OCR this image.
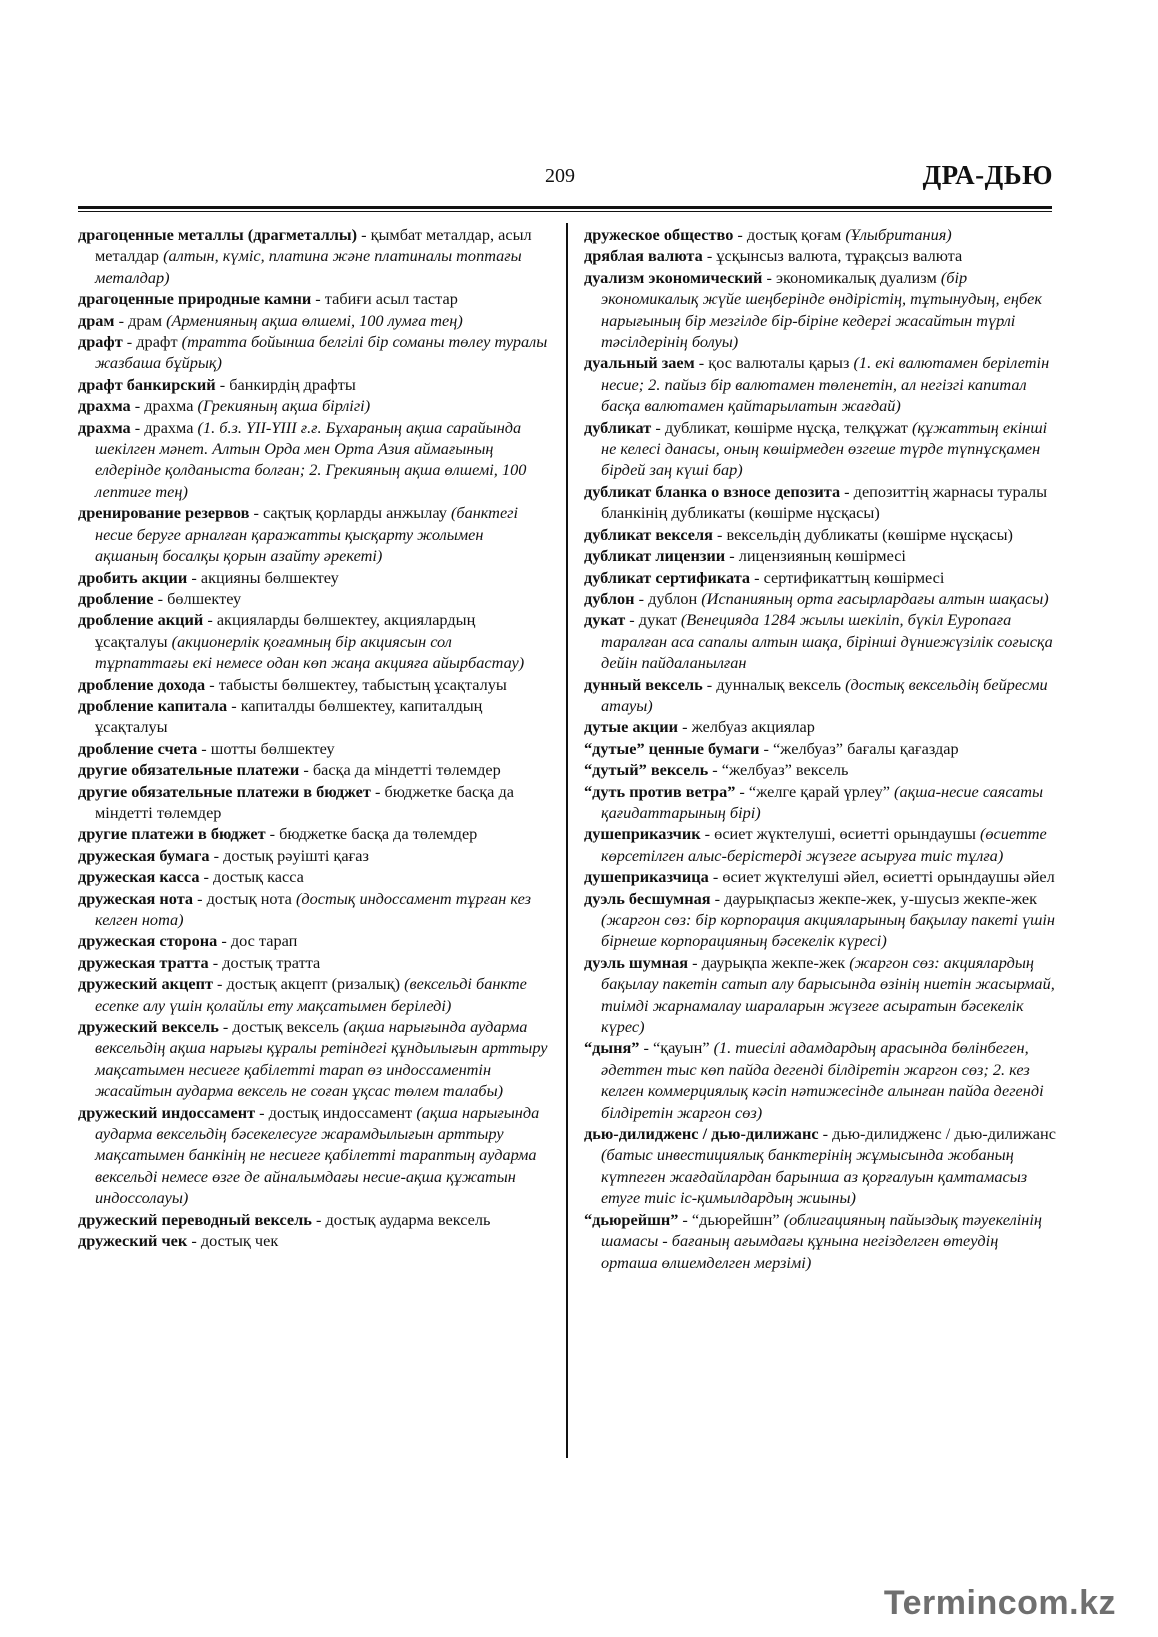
209	ДРА-ДЬЮ

драгоценные металлы (драгметаллы) - қымбат металдар, асыл металдар (алтын, күміс, платина және платиналы топтағы металдар)

драгоценные природные камни - табиғи асыл тастар

драм - драм (Арменияның ақша өлшемі, 100 лумға тең)

драфт - драфт (тратта бойынша белгілі бір соманы төлеу туралы жазбаша бұйрық)

драфт банкирский - банкирдің драфты

драхма - драхма (Грекияның ақша бірлігі)

драхма - драхма (1. б.з. YII-YIII ғ.ғ. Бұхараның ақша сарайында шекілген мәнет. Алтын Орда мен Орта Азия аймағының елдерінде қолданыста болған; 2. Грекияның ақша өлшемі, 100 лептиге тең)

дренирование резервов - сақтық қорларды анжылау (банктегі несие беруге арналған қаражатты қысқарту жолымен ақшаның босалқы қорын азайту әрекеті)

дробить акции - акцияны бөлшектеу

дробление - бөлшектеу

дробление акций - акцияларды бөлшектеу, акциялардың ұсақталуы (акционерлік қоғамның бір акциясын сол тұрпаттағы екі немесе одан көп жаңа акцияға айырбастау)

дробление дохода - табысты бөлшектеу, табыстың ұсақталуы

дробление капитала - капиталды бөлшектеу, капиталдың ұсақталуы

дробление счета - шотты бөлшектеу

другие обязательные платежи - басқа да міндетті төлемдер

другие обязательные платежи в бюджет - бюджетке басқа да міндетті төлемдер

другие платежи в бюджет - бюджетке басқа да төлемдер

дружеская бумага - достық рәуішті қағаз

дружеская касса - достық касса

дружеская нота - достық нота (достық индоссамент тұрған кез келген нота)

дружеская сторона - дос тарап

дружеская тратта - достық тратта

дружеский акцепт - достық акцепт (ризалық) (вексельді банкте есепке алу үшін қолайлы ету мақсатымен беріледі)

дружеский вексель - достық вексель (ақша нарығында аударма вексельдің ақша нарығы құралы ретіндегі құндылығын арттыру мақсатымен несиеге қабілетті тарап өз индоссаментін жасайтын аударма вексель не соған ұқсас төлем талабы)

дружеский индоссамент - достық индоссамент (ақша нарығында аударма вексельдің бәсекелесуге жарамдылығын арттыру мақсатымен банкінің не несиеге қабілетті тараптың аударма вексельді немесе өзге де айналымдағы несие-ақша құжатын индоссолауы)

дружеский переводный вексель - достық аударма вексель

дружеский чек - достық чек

дружеское общество - достық қоғам (Ұлыбритания)

дряблая валюта - ұсқынсыз валюта, тұрақсыз валюта

дуализм экономический - экономикалық дуализм (бір экономикалық жүйе шеңберінде өндірістің, тұтынудың, еңбек нарығының бір мезгілде бір-біріне кедергі жасайтын түрлі тәсілдерінің болуы)

дуальный заем - қос валюталы қарыз (1. екі валютамен берілетін несие; 2. пайыз бір валютамен төленетін, ал негізгі капитал басқа валютамен қайтарылатын жағдай)

дубликат - дубликат, көшірме нұсқа, телқұжат (құжаттың екінші не келесі данасы, оның көшірмеден өзгеше түрде түпнұсқамен бірдей заң күші бар)

дубликат бланка о взносе депозита - депозиттің жарнасы туралы бланкінің дубликаты (көшірме нұсқасы)

дубликат векселя - вексельдің дубликаты (көшірме нұсқасы)

дубликат лицензии - лицензияның көшірмесі

дубликат сертификата - сертификаттың көшірмесі

дублон - дублон (Испанияның орта ғасырлардағы алтын шақасы)

дукат - дукат (Венецияда 1284 жылы шекіліп, бүкіл Еуропаға таралған аса сапалы алтын шақа, бірінші дүниежүзілік соғысқа дейін пайдаланылған

дунный вексель - дунналық вексель (достық вексельдің бейресми атауы)

дутые акции - желбуаз акциялар

“дутые” ценные бумаги - “желбуаз” бағалы қағаздар

“дутый” вексель - “желбуаз” вексель

“дуть против ветра” - “желге қарай үрлеу” (ақша-несие саясаты қағидаттарының бірі)

душеприказчик - өсиет жүктелуші, өсиетті орындаушы (өсиетте көрсетілген алыс-берістерді жүзеге асыруға тиіс тұлға)

душеприказчица - өсиет жүктелуші әйел, өсиетті орындаушы әйел

дуэль бесшумная - даурықпасыз жекпе-жек, у-шусыз жекпе-жек (жаргон сөз: бір корпорация акцияларының бақылау пакеті үшін бірнеше корпорацияның бәсекелік күресі)

дуэль шумная - даурықпа жекпе-жек (жаргон сөз: акциялардың бақылау пакетін сатып алу барысында өзінің ниетін жасырмай, тиімді жарнамалау шараларын жүзеге асыратын бәсекелік күрес)

“дыня” - “қауын” (1. тиесілі адамдардың арасында бөлінбеген, әдеттен тыс көп пайда дегенді білдіретін жаргон сөз; 2. кез келген коммерциялық кәсіп нәтижесінде алынған пайда дегенді білдіретін жаргон сөз)

дью-дилидженс / дью-дилижанс - дью-дилидженс / дью-дилижанс (батыс инвестициялық банктерінің жұмысында жобаның күтпеген жағдайлардан барынша аз қорғалуын қамтамасыз етуге тиіс іс-қимылдардың жиыны)

“дьюрейшн” - “дьюрейшн” (облигацияның пайыздық тәуекелінің шамасы - бағаның ағымдағы құнына негізделген өтеудің орташа өлшемделген мерзімі)

Termincom.kz
